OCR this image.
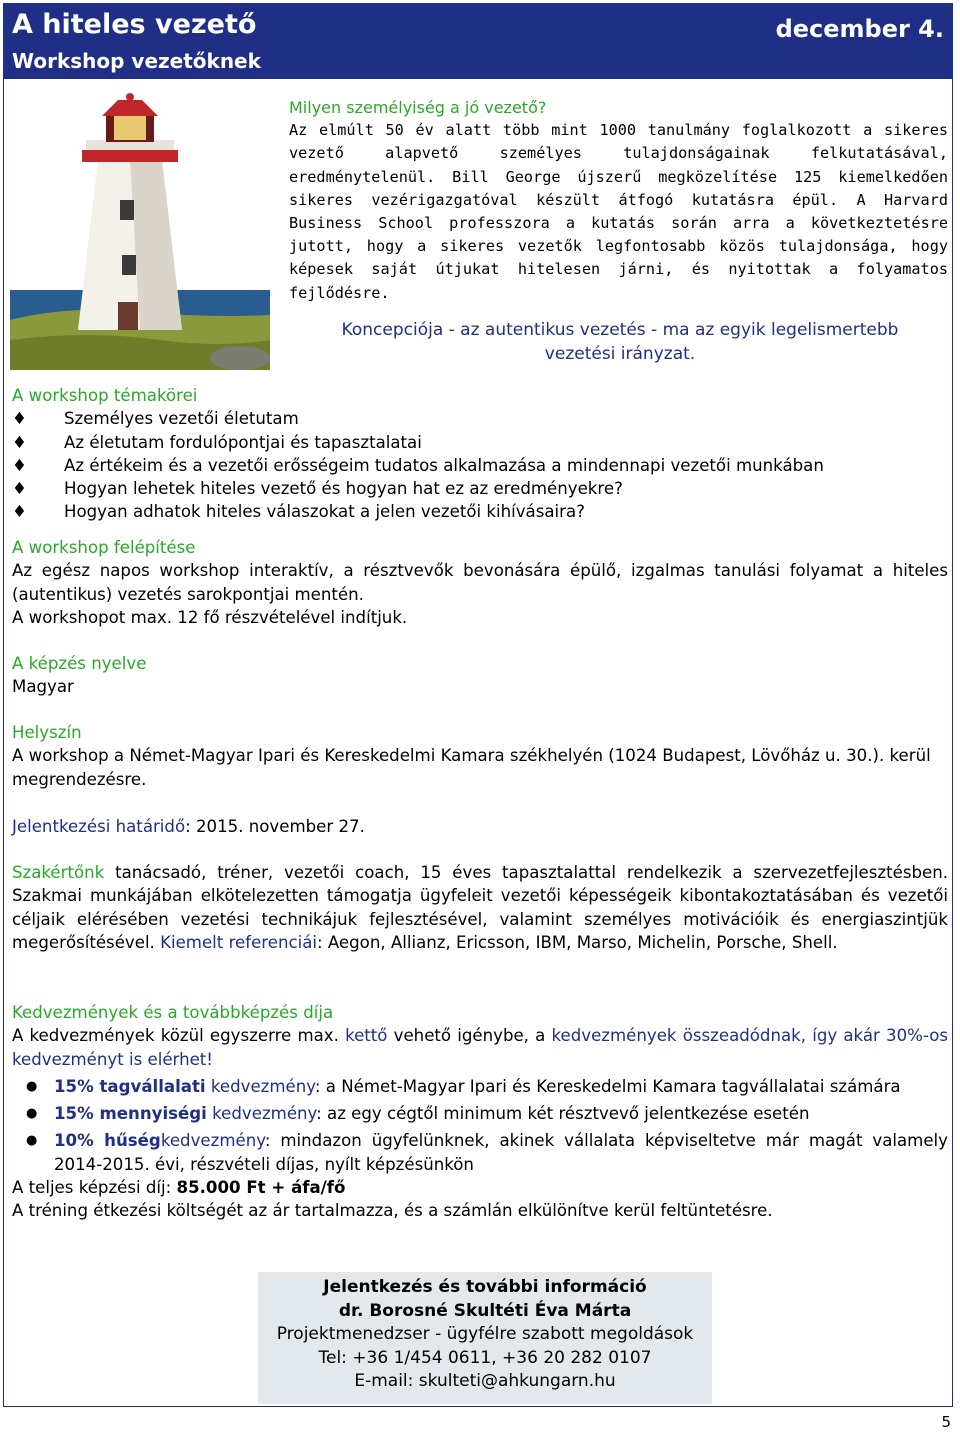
A hiteles vezető
Workshop vezetőknek
december 4.
Milyen személyiség a jó vezető?
Az elmúlt 50 év alatt több mint 1000 tanulmány foglalkozott a sikeres vezető alapvető személyes tulajdonságainak felkutatásával, eredménytelenül. Bill George újszerű megközelítése 125 kiemelkedően sikeres vezérigazgatóval készült átfogó kutatásra épül. A Harvard Business School professzora a kutatás során arra a következtetésre jutott, hogy a sikeres vezetők legfontosabb közös tulajdonsága, hogy képesek saját útjukat hitelesen járni, és nyitottak a folyamatos fejlődésre.
Koncepciója - az autentikus vezetés - ma az egyik legelismertebb vezetési irányzat.
A workshop témakörei
♦ Személyes vezetői életutam
♦ Az életutam fordulópontjai és tapasztalatai
♦ Az értékeim és a vezetői erősségeim tudatos alkalmazása a mindennapi vezetői munkában
♦ Hogyan lehetek hiteles vezető és hogyan hat ez az eredményekre?
♦ Hogyan adhatok hiteles válaszokat a jelen vezetői kihívásaira?
A workshop felépítése
Az egész napos workshop interaktív, a résztvevők bevonására épülő, izgalmas tanulási folyamat a hiteles (autentikus) vezetés sarokpontjai mentén.
A workshopot max. 12 fő részvételével indítjuk.
A képzés nyelve
Magyar
Helyszín
A workshop a Német-Magyar Ipari és Kereskedelmi Kamara székhelyén (1024 Budapest, Lövőház u. 30.). kerül megrendezésre.
Jelentkezési határidő: 2015. november 27.
Szakértőnk tanácsadó, tréner, vezetői coach, 15 éves tapasztalattal rendelkezik a szervezetfejlesztésben. Szakmai munkájában elkötelezetten támogatja ügyfeleit vezetői képességeik kibontakoztatásában és vezetői céljaik elérésében vezetési technikájuk fejlesztésével, valamint személyes motivációik és energiaszintjük megerősítésével. Kiemelt referenciái: Aegon, Allianz, Ericsson, IBM, Marso, Michelin, Porsche, Shell.
Kedvezmények és a továbbképzés díja
A kedvezmények közül egyszerre max. kettő vehető igénybe, a kedvezmények összeadódnak, így akár 30%-os kedvezményt is elérhet!
● 15% tagvállalati kedvezmény: a Német-Magyar Ipari és Kereskedelmi Kamara tagvállalatai számára
● 15% mennyiségi kedvezmény: az egy cégtől minimum két résztvevő jelentkezése esetén
● 10% hűségkedvezmény: mindazon ügyfelünknek, akinek vállalata képviseltetve már magát valamely 2014-2015. évi, részvételi díjas, nyílt képzésünkön
A teljes képzési díj: 85.000 Ft + áfa/fő
A tréning étkezési költségét az ár tartalmazza, és a számlán elkülönítve kerül feltüntetésre.
Jelentkezés és további információ
dr. Borosné Skultéti Éva Márta
Projektmenedzser - ügyfélre szabott megoldások
Tel: +36 1/454 0611, +36 20 282 0107
E-mail: skulteti@ahkungarn.hu
5
